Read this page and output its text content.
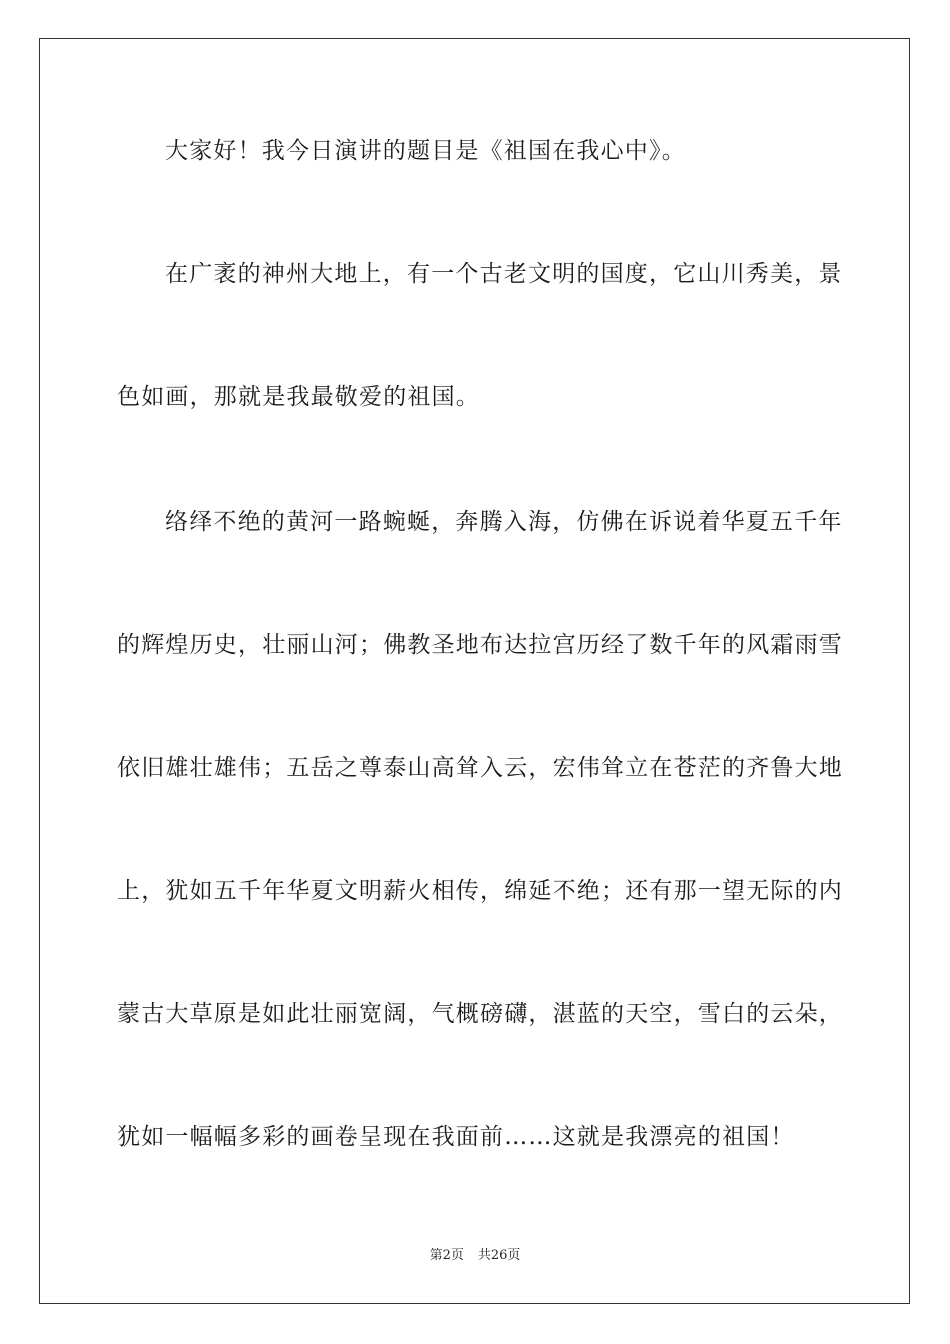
大家好！我今日演讲的题目是《祖国在我心中》。
在广袤的神州大地上，有一个古老文明的国度，它山川秀美，景
色如画，那就是我最敬爱的祖国。
络绎不绝的黄河一路蜿蜒，奔腾入海，仿佛在诉说着华夏五千年
的辉煌历史，壮丽山河；佛教圣地布达拉宫历经了数千年的风霜雨雪
依旧雄壮雄伟；五岳之尊泰山高耸入云，宏伟耸立在苍茫的齐鲁大地
上，犹如五千年华夏文明薪火相传，绵延不绝；还有那一望无际的内
蒙古大草原是如此壮丽宽阔，气概磅礴，湛蓝的天空，雪白的云朵，
犹如一幅幅多彩的画卷呈现在我面前……这就是我漂亮的祖国！
第2页 共26页
